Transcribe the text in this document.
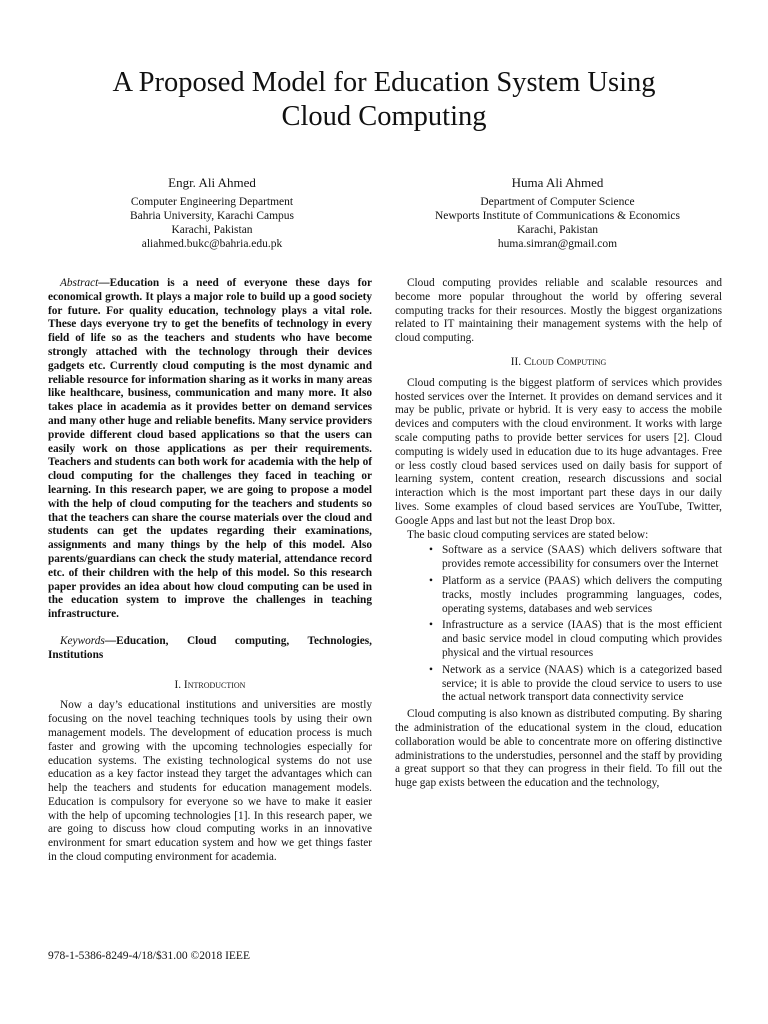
A Proposed Model for Education System Using
Cloud Computing
Engr. Ali Ahmed
Computer Engineering Department
Bahria University, Karachi Campus
Karachi, Pakistan
aliahmed.bukc@bahria.edu.pk
Huma Ali Ahmed
Department of Computer Science
Newports Institute of Communications & Economics
Karachi, Pakistan
huma.simran@gmail.com

Abstract—Education is a need of everyone these days for economical growth. It plays a major role to build up a good society for future. For quality education, technology plays a vital role. These days everyone try to get the benefits of technology in every field of life so as the teachers and students who have become strongly attached with the technology through their devices gadgets etc. Currently cloud computing is the most dynamic and reliable resource for information sharing as it works in many areas like healthcare, business, communication and many more. It also takes place in academia as it provides better on demand services and many other huge and reliable benefits. Many service providers provide different cloud based applications so that the users can easily work on those applications as per their requirements. Teachers and students can both work for academia with the help of cloud computing for the challenges they faced in teaching or learning. In this research paper, we are going to propose a model with the help of cloud computing for the teachers and students so that the teachers can share the course materials over the cloud and students can get the updates regarding their examinations, assignments and many things by the help of this model. Also parents/guardians can check the study material, attendance record etc. of their children with the help of this model. So this research paper provides an idea about how cloud computing can be used in the education system to improve the challenges in teaching infrastructure.

Keywords—Education, Cloud computing, Technologies, Institutions

I. Introduction

Now a day’s educational institutions and universities are mostly focusing on the novel teaching techniques tools by using their own management models. The development of education process is much faster and growing with the upcoming technologies especially for education systems. The existing technological systems do not use education as a key factor instead they target the advantages which can help the teachers and students for education management models. Education is compulsory for everyone so we have to make it easier with the help of upcoming technologies [1]. In this research paper, we are going to discuss how cloud computing works in an innovative environment for smart education system and how we get things faster in the cloud computing environment for academia.

Cloud computing provides reliable and scalable resources and become more popular throughout the world by offering several computing tracks for their resources. Mostly the biggest organizations related to IT maintaining their management systems with the help of cloud computing.

II. Cloud Computing

Cloud computing is the biggest platform of services which provides hosted services over the Internet. It provides on demand services and it may be public, private or hybrid. It is very easy to access the mobile devices and computers with the cloud environment. It works with large scale computing paths to provide better services for users [2]. Cloud computing is widely used in education due to its huge advantages. Free or less costly cloud based services used on daily basis for support of learning system, content creation, research discussions and social interaction which is the most important part these days in our daily lives. Some examples of cloud based services are YouTube, Twitter, Google Apps and last but not the least Drop box.

The basic cloud computing services are stated below:

• Software as a service (SAAS) which delivers software that provides remote accessibility for consumers over the Internet
• Platform as a service (PAAS) which delivers the computing tracks, mostly includes programming languages, codes, operating systems, databases and web services
• Infrastructure as a service (IAAS) that is the most efficient and basic service model in cloud computing which provides physical and the virtual resources
• Network as a service (NAAS) which is a categorized based service; it is able to provide the cloud service to users to use the actual network transport data connectivity service

Cloud computing is also known as distributed computing. By sharing the administration of the educational system in the cloud, education collaboration would be able to concentrate more on offering distinctive administrations to the understudies, personnel and the staff by providing a great support so that they can progress in their field. To fill out the huge gap exists between the education and the technology,

978-1-5386-8249-4/18/$31.00 ©2018 IEEE
